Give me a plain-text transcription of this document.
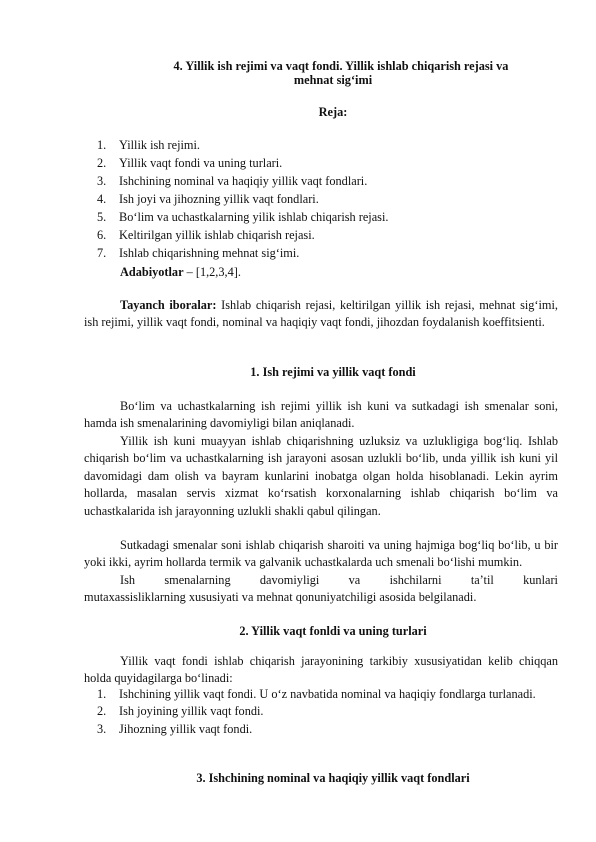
4. Yillik ish rejimi va vaqt fondi. Yillik ishlab chiqarish rejasi va
mehnat sig‘imi
Reja:
1. Yillik ish rejimi.
2. Yillik vaqt fondi va uning turlari.
3. Ishchining nominal va haqiqiy yillik vaqt fondlari.
4. Ish joyi va jihozning yillik vaqt fondlari.
5. Bo‘lim va uchastkalarning yilik ishlab chiqarish rejasi.
6. Keltirilgan yillik ishlab chiqarish rejasi.
7. Ishlab chiqarishning mehnat sig‘imi.

Adabiyotlar – [1,2,3,4].

Tayanch iboralar: Ishlab chiqarish rejasi, keltirilgan yillik ish rejasi, mehnat sig‘imi, ish rejimi, yillik vaqt fondi, nominal va haqiqiy vaqt fondi, jihozdan foydalanish koeffitsienti.

1. Ish rejimi va yillik vaqt fondi

Bo‘lim va uchastkalarning ish rejimi yillik ish kuni va sutkadagi ish smenalar soni, hamda ish smenalarining davomiyligi bilan aniqlanadi.

Yillik ish kuni muayyan ishlab chiqarishning uzluksiz va uzlukligiga bog‘liq. Ishlab chiqarish bo‘lim va uchastkalarning ish jarayoni asosan uzlukli bo‘lib, unda yillik ish kuni yil davomidagi dam olish va bayram kunlarini inobatga olgan holda hisoblanadi. Lekin ayrim hollarda, masalan servis xizmat ko‘rsatish korxonalarning ishlab chiqarish bo‘lim va uchastkalarida ish jarayonning uzlukli shakli qabul qilingan.

Sutkadagi smenalar soni ishlab chiqarish sharoiti va uning hajmiga bog‘liq bo‘lib, u bir yoki ikki, ayrim hollarda termik va galvanik uchastkalarda uch smenali bo‘lishi mumkin.

Ish smenalarning davomiyligi va ishchilarni ta’til kunlari
mutaxassisliklarning xususiyati va mehnat qonuniyatchiligi asosida belgilanadi.
2. Yillik vaqt fonldi va uning turlari

Yillik vaqt fondi ishlab chiqarish jarayonining tarkibiy xususiyatidan kelib chiqqan holda quyidagilarga bo‘linadi:

1.	Ishchining yillik vaqt fondi. U o‘z navbatida nominal va haqiqiy fondlarga turlanadi.
2.	Ish joyining yillik vaqt fondi.
3.	Jihozning yillik vaqt fondi.
3. Ishchining nominal va haqiqiy yillik vaqt fondlari
